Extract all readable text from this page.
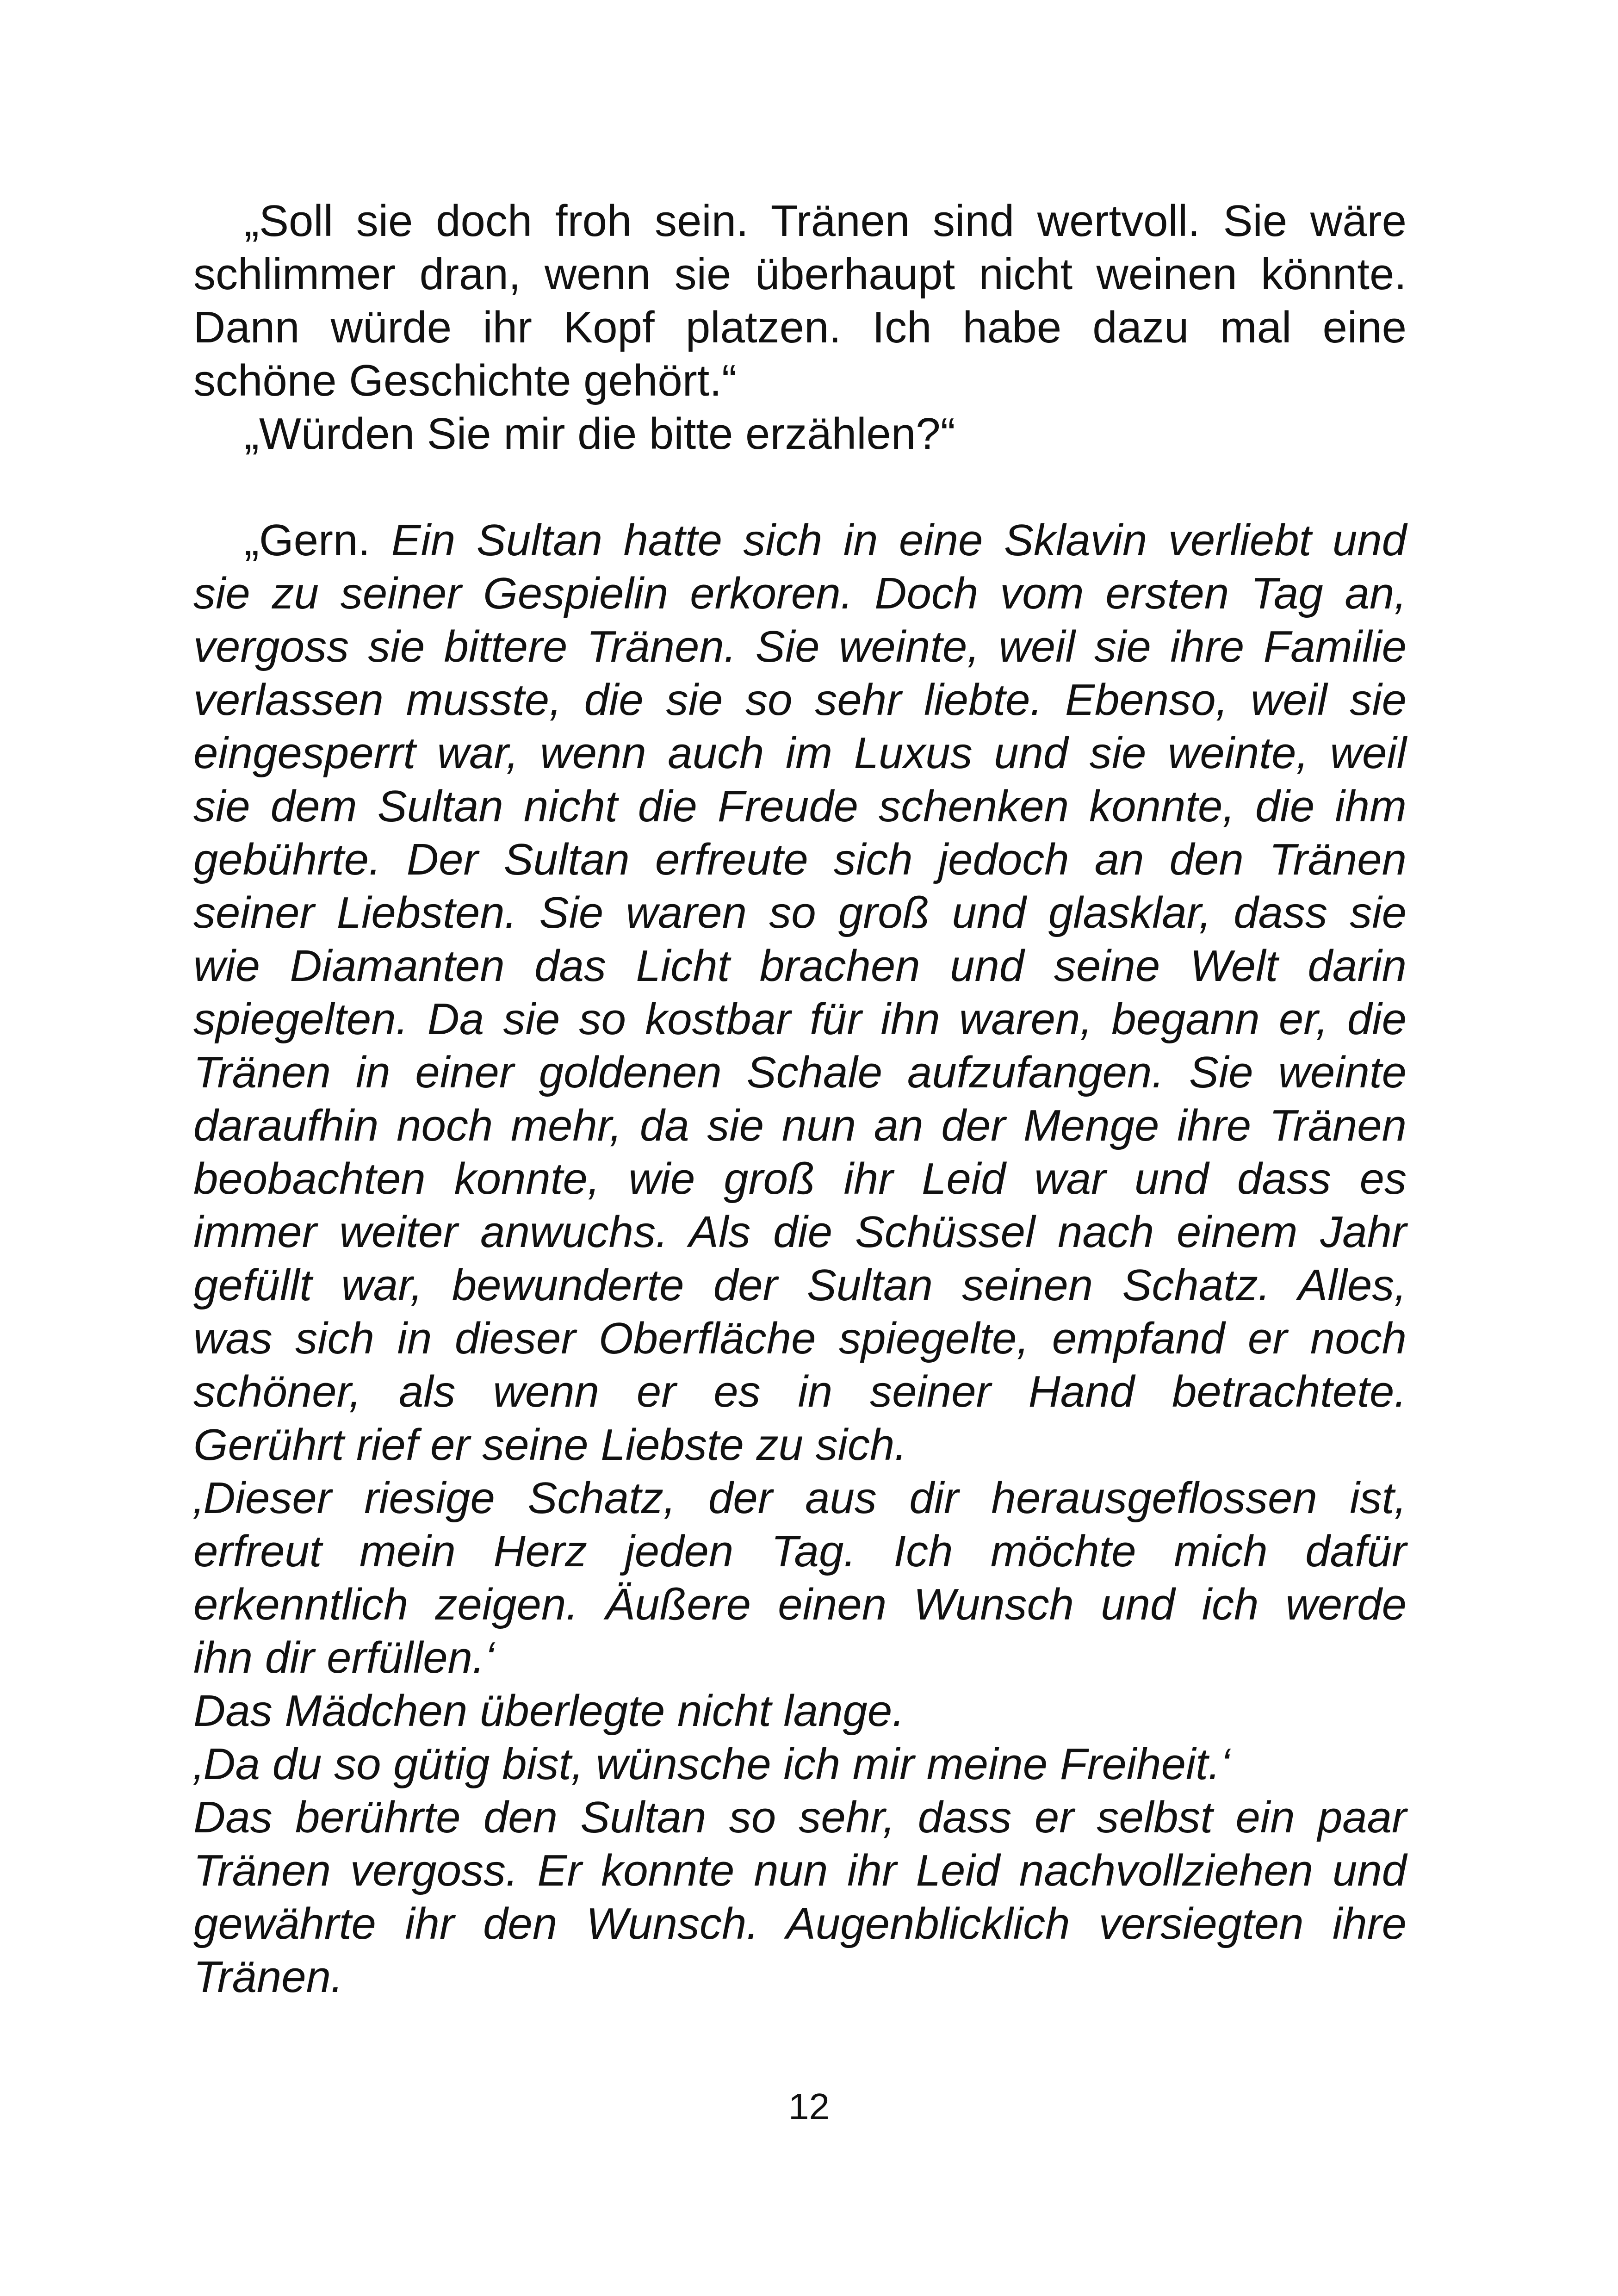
„Soll sie doch froh sein. Tränen sind wertvoll. Sie wäre
schlimmer dran, wenn sie überhaupt nicht weinen könnte.
Dann würde ihr Kopf platzen. Ich habe dazu mal eine
schöne Geschichte gehört.“
„Würden Sie mir die bitte erzählen?“
„Gern. Ein Sultan hatte sich in eine Sklavin verliebt und
sie zu seiner Gespielin erkoren. Doch vom ersten Tag an,
vergoss sie bittere Tränen. Sie weinte, weil sie ihre Familie
verlassen musste, die sie so sehr liebte. Ebenso, weil sie
eingesperrt war, wenn auch im Luxus und sie weinte, weil
sie dem Sultan nicht die Freude schenken konnte, die ihm
gebührte. Der Sultan erfreute sich jedoch an den Tränen
seiner Liebsten. Sie waren so groß und glasklar, dass sie
wie Diamanten das Licht brachen und seine Welt darin
spiegelten. Da sie so kostbar für ihn waren, begann er, die
Tränen in einer goldenen Schale aufzufangen. Sie weinte
daraufhin noch mehr, da sie nun an der Menge ihre Tränen
beobachten konnte, wie groß ihr Leid war und dass es
immer weiter anwuchs. Als die Schüssel nach einem Jahr
gefüllt war, bewunderte der Sultan seinen Schatz. Alles,
was sich in dieser Oberfläche spiegelte, empfand er noch
schöner, als wenn er es in seiner Hand betrachtete.
Gerührt rief er seine Liebste zu sich.
‚Dieser riesige Schatz, der aus dir herausgeflossen ist,
erfreut mein Herz jeden Tag. Ich möchte mich dafür
erkenntlich zeigen. Äußere einen Wunsch und ich werde
ihn dir erfüllen.‘
Das Mädchen überlegte nicht lange.
‚Da du so gütig bist, wünsche ich mir meine Freiheit.‘
Das berührte den Sultan so sehr, dass er selbst ein paar
Tränen vergoss. Er konnte nun ihr Leid nachvollziehen und
gewährte ihr den Wunsch. Augenblicklich versiegten ihre
Tränen.
12
